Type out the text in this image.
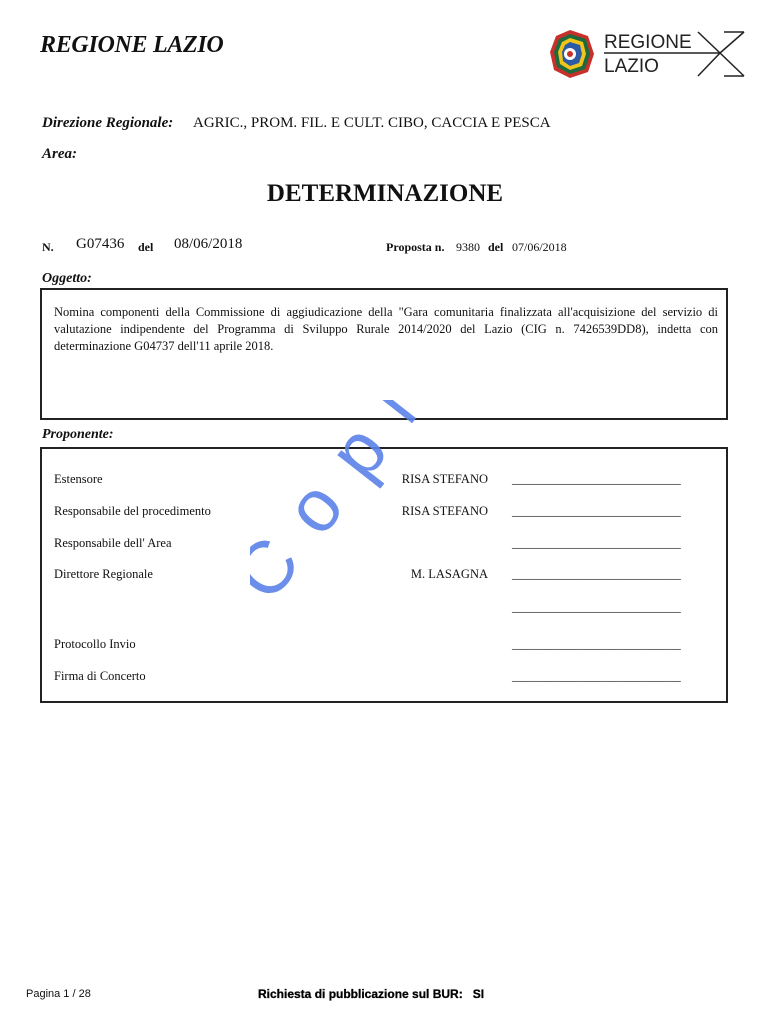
REGIONE LAZIO	REGIONE
LAZIO
Direzione Regionale: AGRIC., PROM. FIL. E CULT. CIBO, CACCIA E PESCA
Area:
DETERMINAZIONE
N. G07436 del 08/06/2018	Proposta n. 9380 del 07/06/2018
Oggetto:
Nomina componenti della Commissione di aggiudicazione della "Gara comunitaria finalizzata all'acquisizione del servizio di valutazione indipendente del Programma di Sviluppo Rurale 2014/2020 del Lazio (CIG n. 7426539DD8), indetta con determinazione G04737 dell'11 aprile 2018.
Proponente:
Estensore	RISA STEFANO ___________________________
Responsabile del procedimento	RISA STEFANO ___________________________
Responsabile dell' Area	___________________________
Direttore Regionale	M. LASAGNA ___________________________
___________________________
Protocollo Invio	___________________________
Firma di Concerto	___________________________
Copia
Pagina 1 / 28	Richiesta di pubblicazione sul BUR: SI
